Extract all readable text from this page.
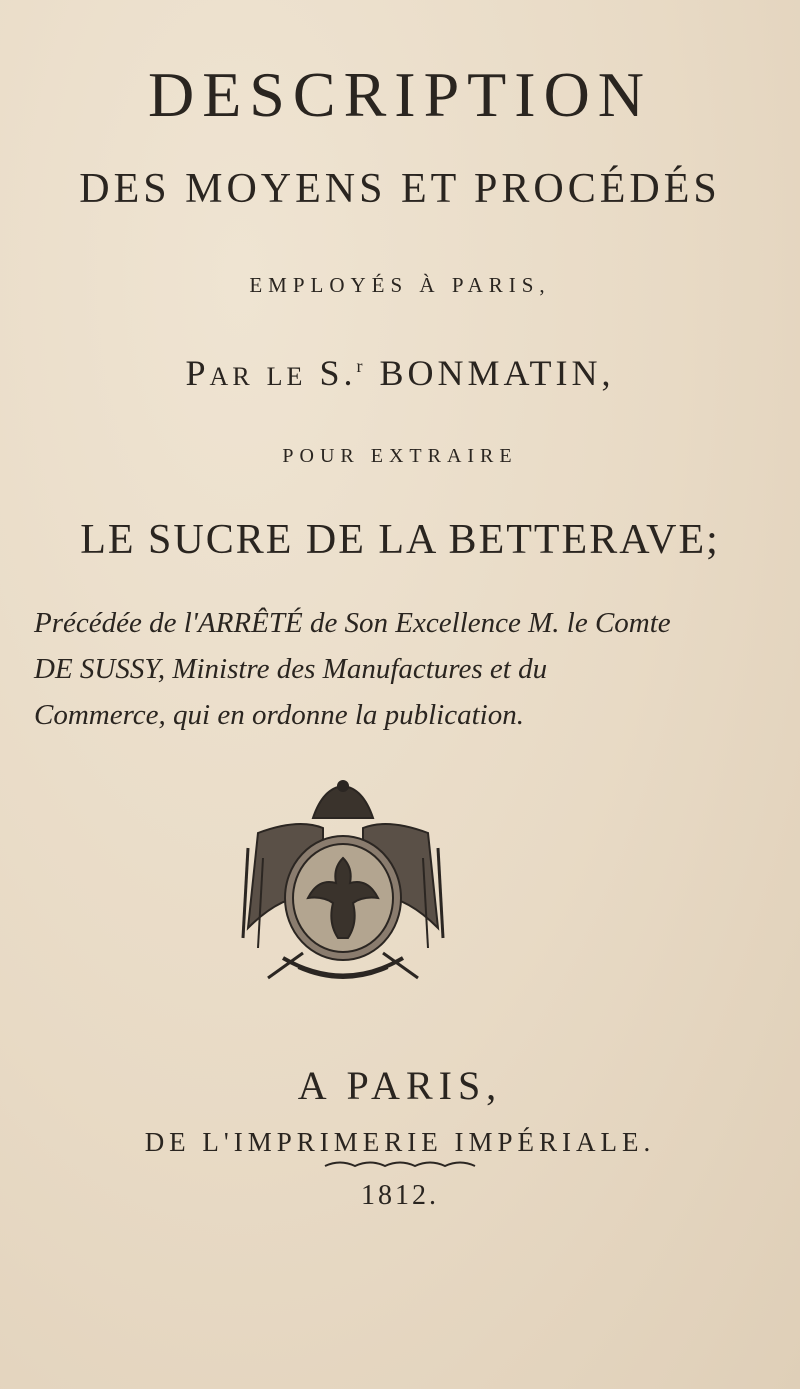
DESCRIPTION
DES MOYENS ET PROCÉDÉS
EMPLOYÉS À PARIS,
PAR LE S.$^r$ BONMATIN,
POUR EXTRAIRE
LE SUCRE DE LA BETTERAVE;
Précédée de l'ARRÊTÉ de Son Excellence M. le Comte
DE SUSSY, Ministre des Manufactures et du
Commerce, qui en ordonne la publication.
A PARIS,
DE L'IMPRIMERIE IMPÉRIALE.
1812.
